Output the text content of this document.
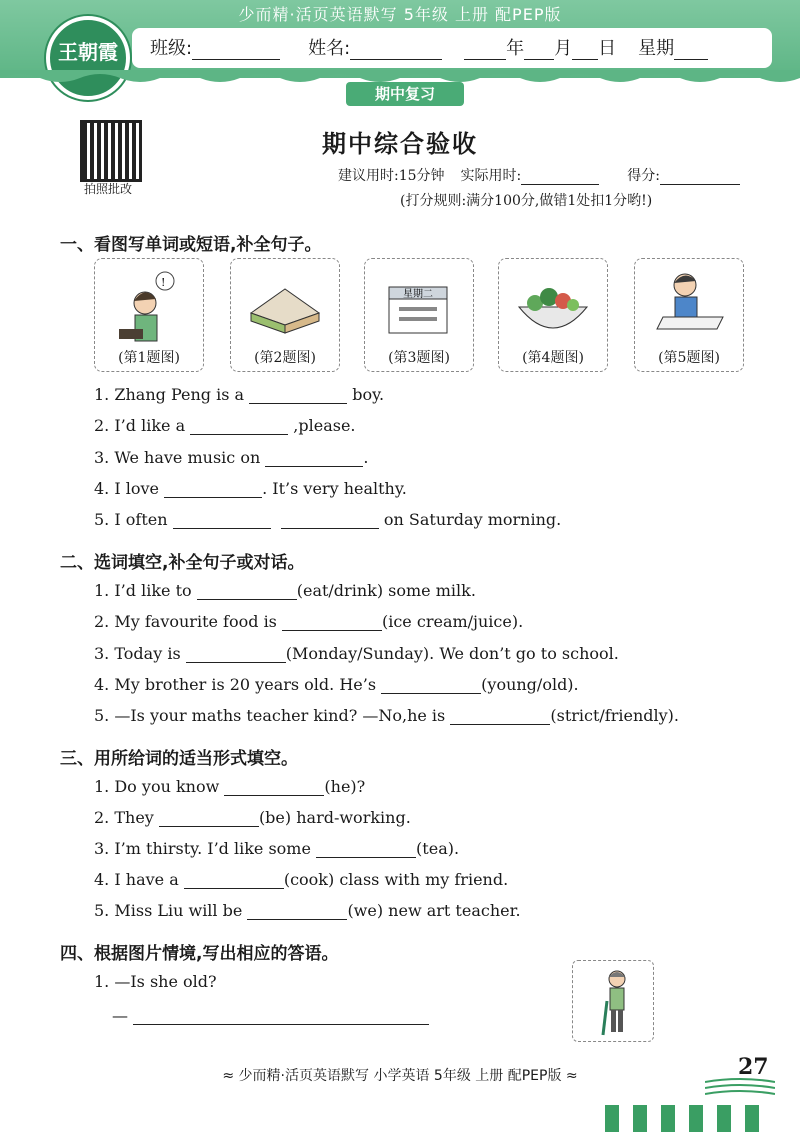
少而精·活页英语默写 5年级 上册 配PEP版
王朝霞	班级:	姓名:	年 月 日 星期
期中复习
拍照批改
期中综合验收
建议用时:15分钟 实际用时:	得分:
(打分规则:满分100分,做错1处扣1分哟!)
一、看图写单词或短语,补全句子。
!
(第1题图)	(第2题图)
星期二
(第3题图)	(第4题图)	(第5题图)
1. Zhang Peng is a

	boy.
2. I’d like a

	,please.
3. We have music on
	.
4. I love
	. It’s very healthy.
5. I often

	on Saturday morning.
二、选词填空,补全句子或对话。
1. I’d like to
	(eat/drink) some milk.
2. My favourite food is
	(ice cream/juice).
3. Today is
	(Monday/Sunday). We don’t go to school.
4. My brother is 20 years old. He’s
	(young/old).
5. —Is your maths teacher kind? —No,he is
	(strict/friendly).
三、用所给词的适当形式填空。
1. Do you know
	(he)?
2. They
	(be) hard-working.
3. I’m thirsty. I’d like some
	(tea).
4. I have a
	(cook) class with my friend.
5. Miss Liu will be
	(we) new art teacher.
四、根据图片情境,写出相应的答语。
1. —Is she old?
—

≈ 少而精·活页英语默写 小学英语 5年级 上册 配PEP版 ≈	27
